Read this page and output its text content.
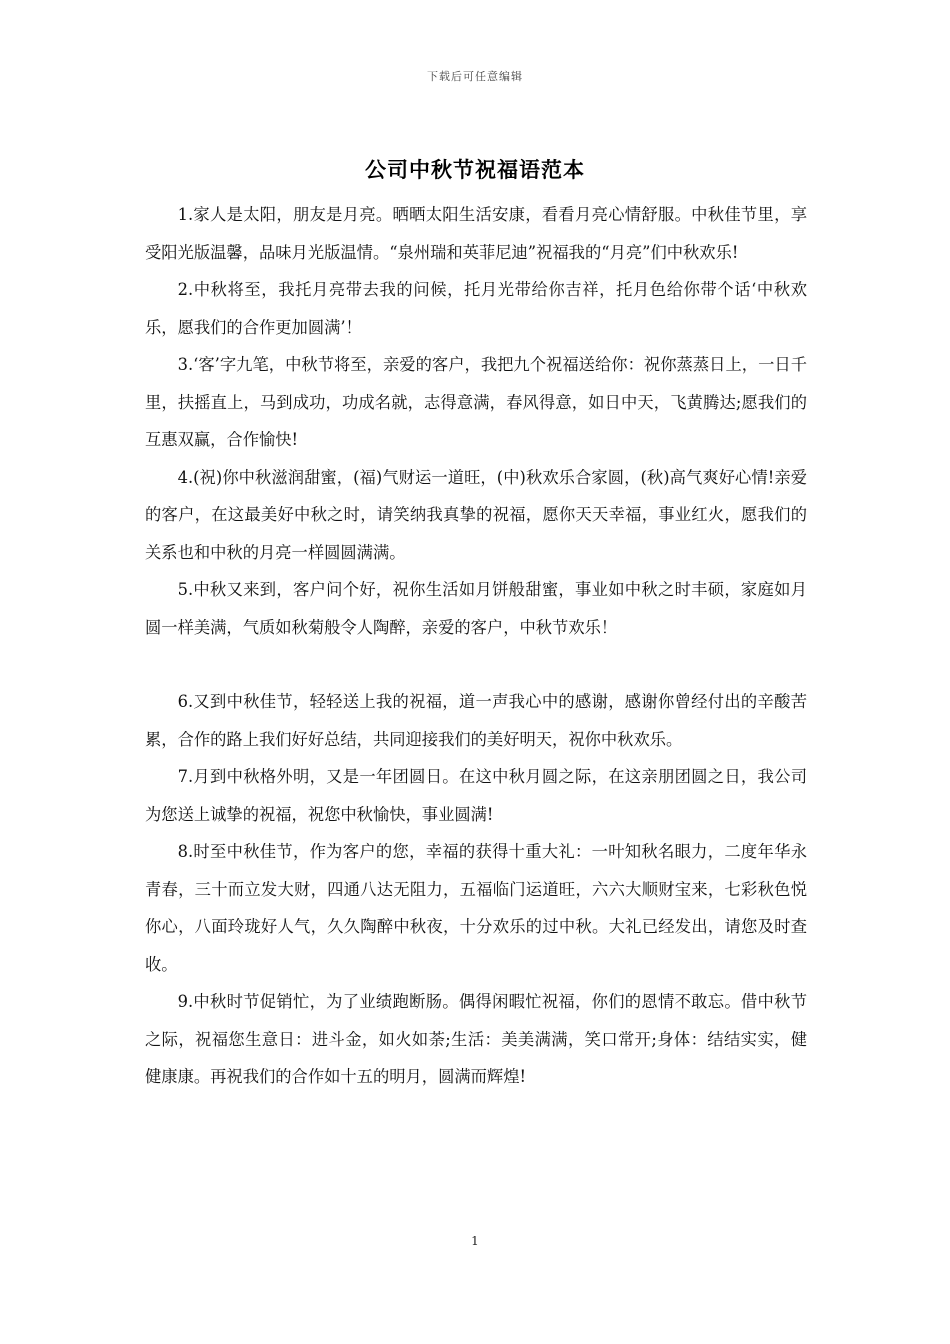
下载后可任意编辑
公司中秋节祝福语范本

1.家人是太阳，朋友是月亮。晒晒太阳生活安康，看看月亮心情舒服。中秋佳节里，享受阳光版温馨，品味月光版温情。“泉州瑞和英菲尼迪”祝福我的“月亮”们中秋欢乐!

2.中秋将至，我托月亮带去我的问候，托月光带给你吉祥，托月色给你带个话‘中秋欢乐，愿我们的合作更加圆满’！

3.‘客’字九笔，中秋节将至，亲爱的客户，我把九个祝福送给你：祝你蒸蒸日上，一日千里，扶摇直上，马到成功，功成名就，志得意满，春风得意，如日中天，飞黄腾达;愿我们的互惠双赢，合作愉快!

4.(祝)你中秋滋润甜蜜，(福)气财运一道旺，(中)秋欢乐合家圆，(秋)高气爽好心情!亲爱的客户，在这最美好中秋之时，请笑纳我真挚的祝福，愿你天天幸福，事业红火，愿我们的关系也和中秋的月亮一样圆圆满满。

5.中秋又来到，客户问个好，祝你生活如月饼般甜蜜，事业如中秋之时丰硕，家庭如月圆一样美满，气质如秋菊般令人陶醉，亲爱的客户，中秋节欢乐！

6.又到中秋佳节，轻轻送上我的祝福，道一声我心中的感谢，感谢你曾经付出的辛酸苦累，合作的路上我们好好总结，共同迎接我们的美好明天，祝你中秋欢乐。

7.月到中秋格外明，又是一年团圆日。在这中秋月圆之际，在这亲朋团圆之日，我公司为您送上诚挚的祝福，祝您中秋愉快，事业圆满!

8.时至中秋佳节，作为客户的您，幸福的获得十重大礼：一叶知秋名眼力，二度年华永青春，三十而立发大财，四通八达无阻力，五福临门运道旺，六六大顺财宝来，七彩秋色悦你心，八面玲珑好人气，久久陶醉中秋夜，十分欢乐的过中秋。大礼已经发出，请您及时查收。

9.中秋时节促销忙，为了业绩跑断肠。偶得闲暇忙祝福，你们的恩情不敢忘。借中秋节之际，祝福您生意日：进斗金，如火如荼;生活：美美满满，笑口常开;身体：结结实实，健健康康。再祝我们的合作如十五的明月，圆满而辉煌!

1
